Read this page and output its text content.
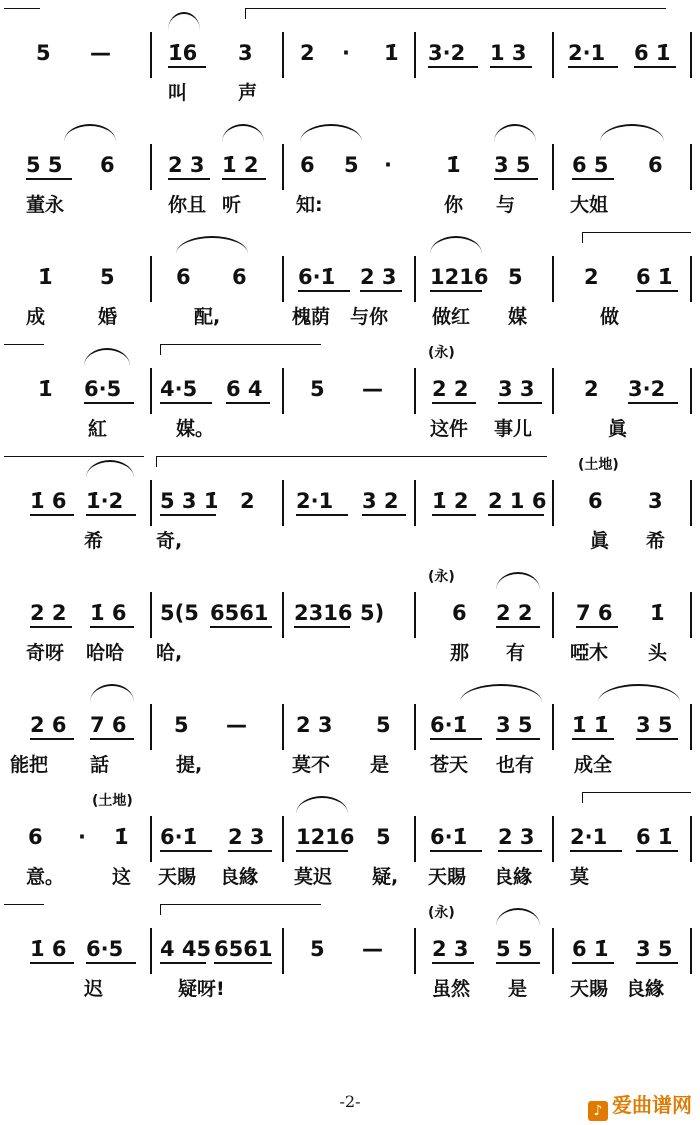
5 —	1̇6 3 2 · 1̇ 3·2 1 3 2·1 6 1̇
叫	声
5 5 6	2 3 1̇ 2 6 5 ·	1̇ 3 5 6 5 6
董永	你且 听	知:	你 与	大姐
1̇ 5	6 6 6·1̇ 2 3 1216 5	2 6 1̇
成	婚	配,	槐荫 与你 做红 媒	做
(永)
1̇ 6·5 4·5 6 4 5 — 2 2 3 3 2 3·2
紅	媒。	这件 事儿	眞
(土地)
1̇ 6 1̇·2 5 3 1̇ 2 2·1 3 2 1̇ 2 2 1 6 6 3
希	奇,	眞 希
(永)
2 2 1̇ 6 5(5 6561 2316 5)	6 2 2 7 6 1̇
奇呀 哈哈 哈,	那 有 啞木 头
2 6 7 6 5 — 2 3 5 6·1̇ 3 5 1̇ 1̇ 3 5
能把 話	提,	莫不 是 苍天 也有 成全
(土地)
6 · 1̇ 6·1̇ 2 3 1216 5 6·1̇ 2 3 2·1 6 1̇
意。	这 天賜 良緣 莫迟 疑, 天賜 良緣 莫
(永)
1̇ 6 6·5 4 45 6561 5 — 2 3 5 5 6 1̇ 3 5
迟	疑呀!	虽然 是 天賜 良緣
-2-	♪ 爱曲谱网
